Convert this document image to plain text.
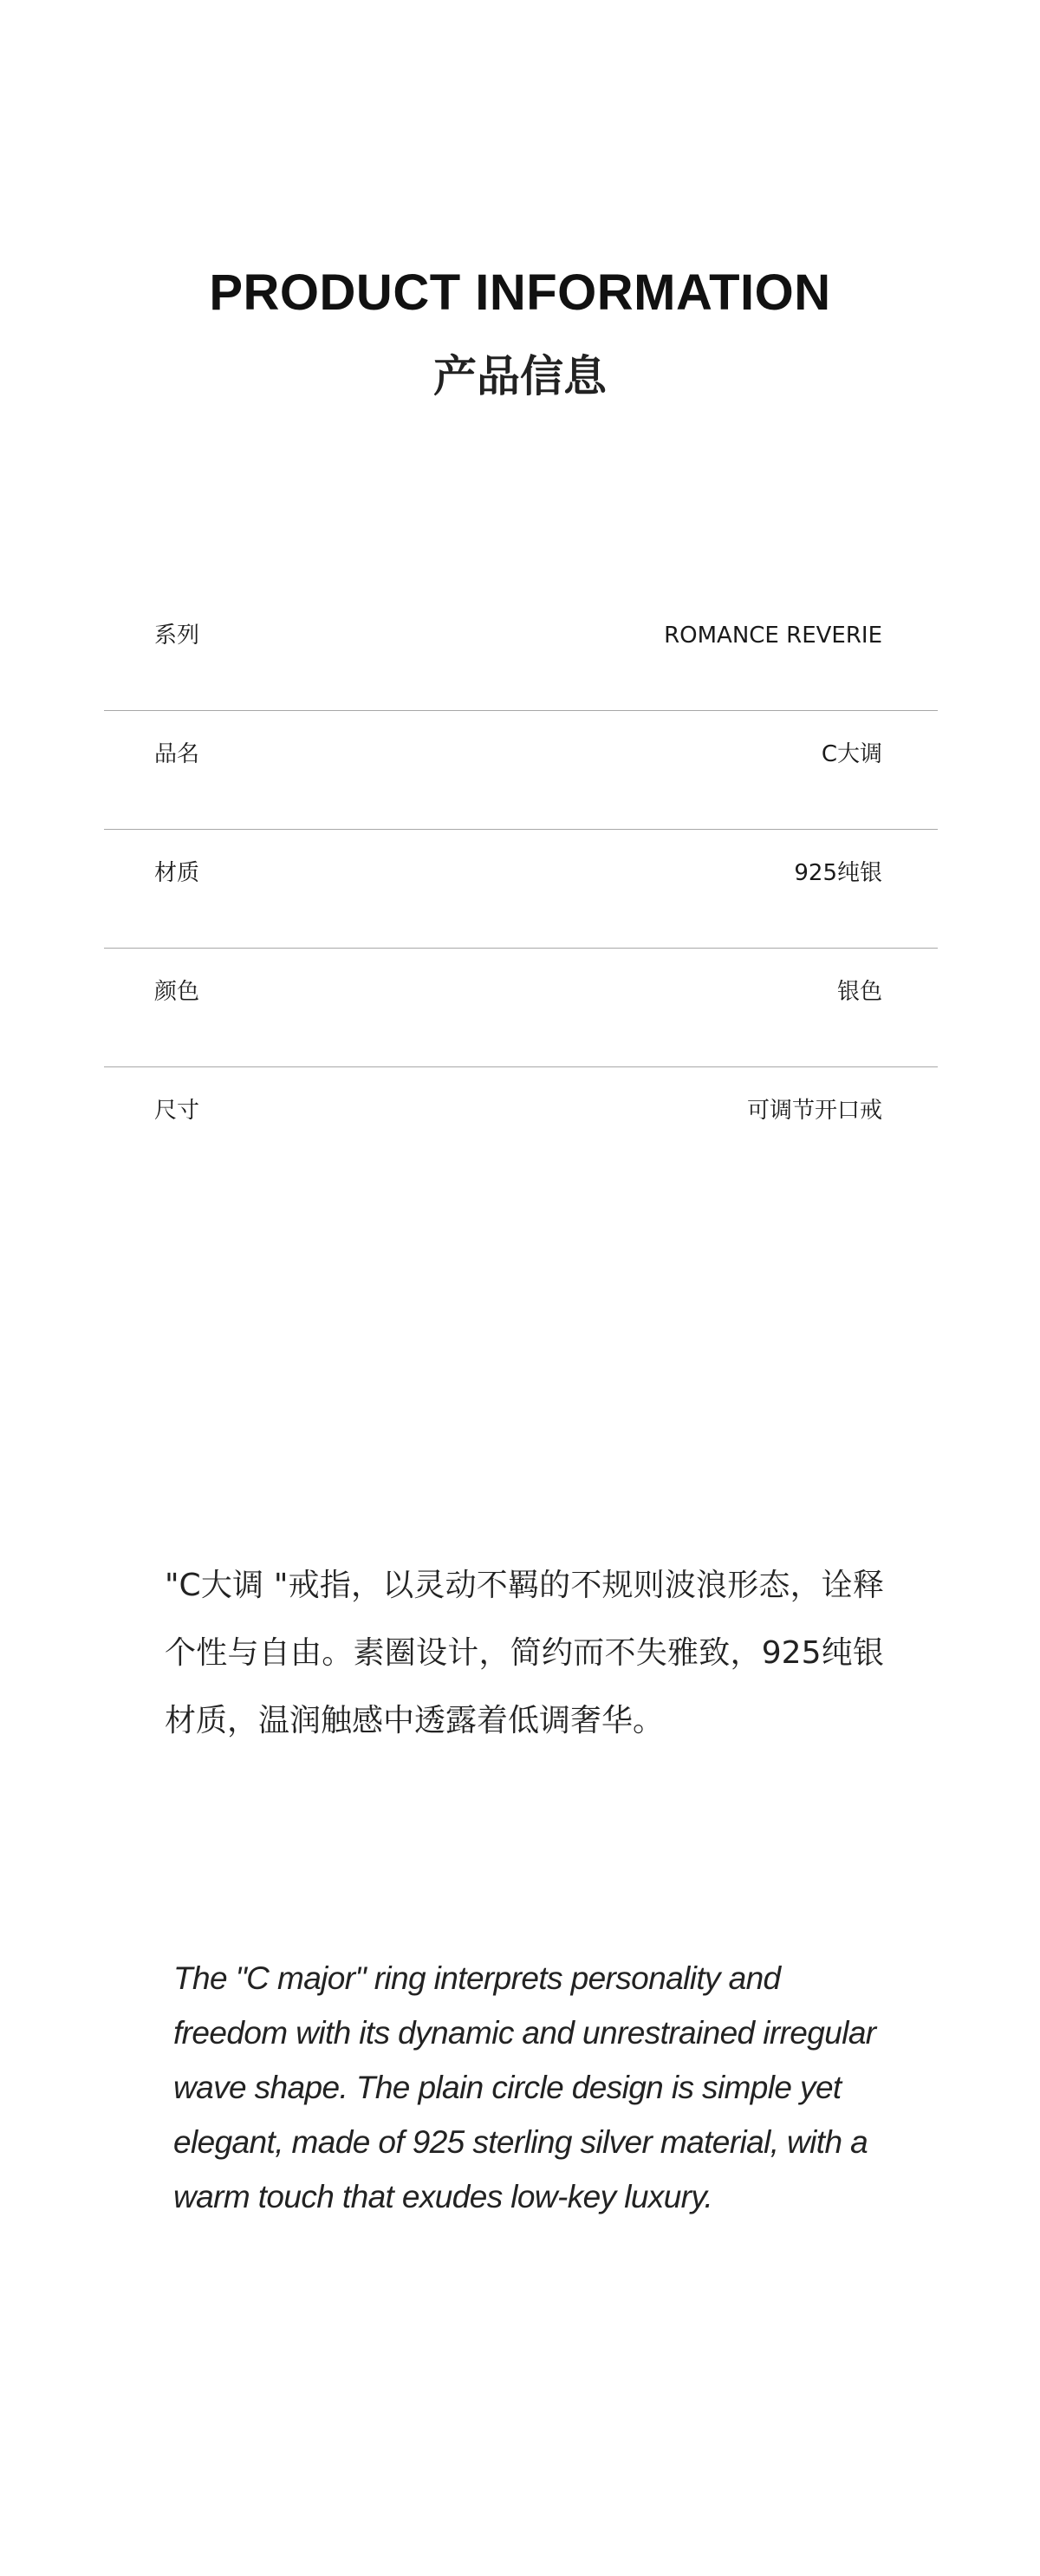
PRODUCT INFORMATION
产品信息
系列	ROMANCE REVERIE
品名	C大调
材质	925纯银
颜色	银色
尺寸	可调节开口戒

"C大调 "戒指，以灵动不羁的不规则波浪形态，诠释个性与自由。素圈设计，简约而不失雅致，925纯银材质，温润触感中透露着低调奢华。

The "C major" ring interprets personality and freedom with its dynamic and unrestrained irregular wave shape. The plain circle design is simple yet elegant, made of 925 sterling silver material, with a warm touch that exudes low-key luxury.
